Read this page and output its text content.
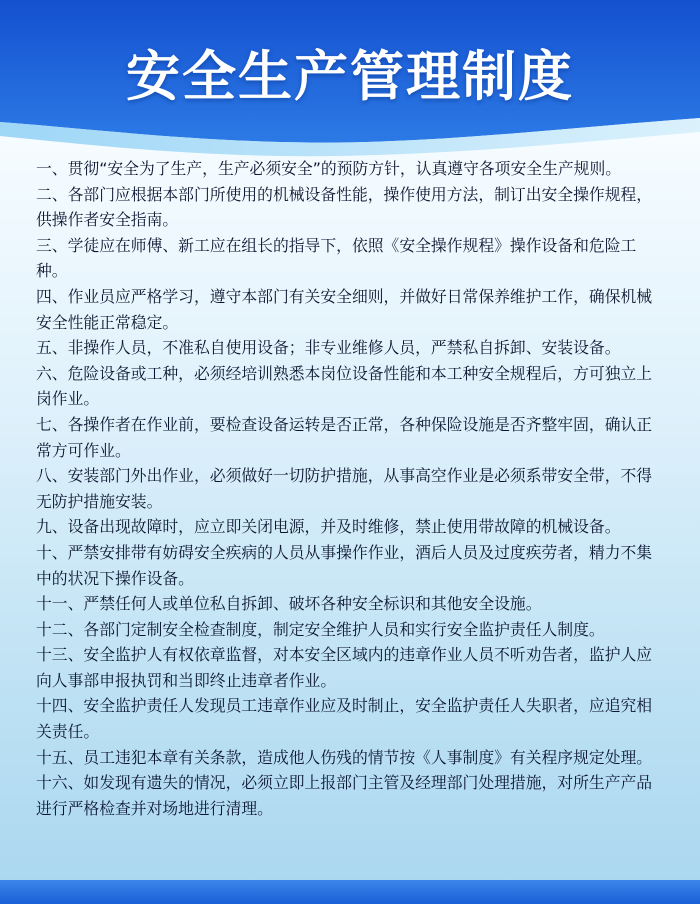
安全生产管理制度
一、贯彻“安全为了生产，生产必须安全”的预防方针，认真遵守各项安全生产规则。
二、各部门应根据本部门所使用的机械设备性能，操作使用方法，制订出安全操作规程，供操作者安全指南。
三、学徒应在师傅、新工应在组长的指导下，依照《安全操作规程》操作设备和危险工种。
四、作业员应严格学习，遵守本部门有关安全细则，并做好日常保养维护工作，确保机械安全性能正常稳定。
五、非操作人员，不准私自使用设备；非专业维修人员，严禁私自拆卸、安装设备。
六、危险设备或工种，必须经培训熟悉本岗位设备性能和本工种安全规程后，方可独立上岗作业。
七、各操作者在作业前，要检查设备运转是否正常，各种保险设施是否齐整牢固，确认正常方可作业。
八、安装部门外出作业，必须做好一切防护措施，从事高空作业是必须系带安全带，不得无防护措施安装。
九、设备出现故障时，应立即关闭电源，并及时维修，禁止使用带故障的机械设备。
十、严禁安排带有妨碍安全疾病的人员从事操作作业，酒后人员及过度疾劳者，精力不集中的状况下操作设备。
十一、严禁任何人或单位私自拆卸、破坏各种安全标识和其他安全设施。
十二、各部门定制安全检查制度，制定安全维护人员和实行安全监护责任人制度。
十三、安全监护人有权依章监督，对本安全区域内的违章作业人员不听劝告者，监护人应向人事部申报执罚和当即终止违章者作业。
十四、安全监护责任人发现员工违章作业应及时制止，安全监护责任人失职者，应追究相关责任。
十五、员工违犯本章有关条款，造成他人伤残的情节按《人事制度》有关程序规定处理。
十六、如发现有遗失的情况，必须立即上报部门主管及经理部门处理措施，对所生产产品进行严格检查并对场地进行清理。
